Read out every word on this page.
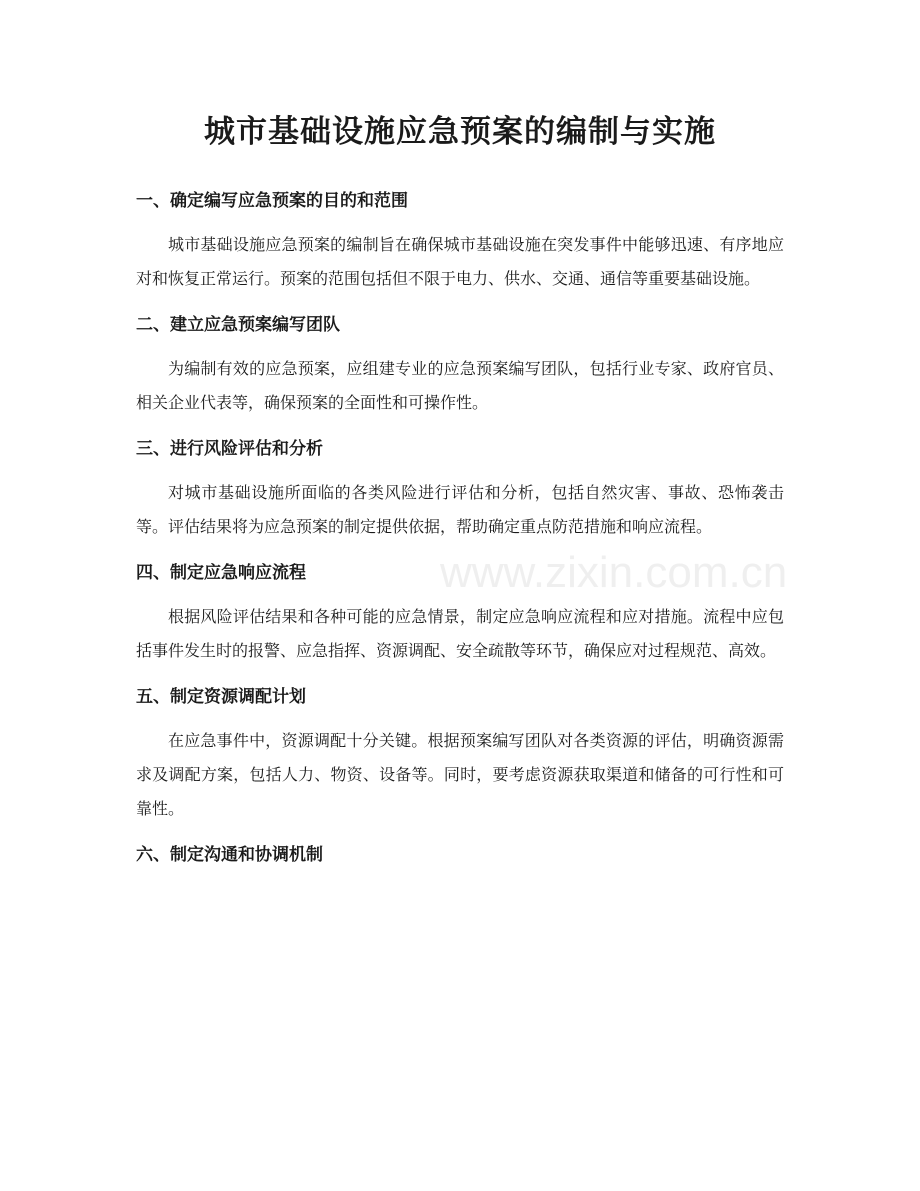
城市基础设施应急预案的编制与实施
www.zixin.com.cn
一、确定编写应急预案的目的和范围

城市基础设施应急预案的编制旨在确保城市基础设施在突发事件中能够迅速、有序地应对和恢复正常运行。预案的范围包括但不限于电力、供水、交通、通信等重要基础设施。

二、建立应急预案编写团队

为编制有效的应急预案，应组建专业的应急预案编写团队，包括行业专家、政府官员、相关企业代表等，确保预案的全面性和可操作性。

三、进行风险评估和分析

对城市基础设施所面临的各类风险进行评估和分析，包括自然灾害、事故、恐怖袭击等。评估结果将为应急预案的制定提供依据，帮助确定重点防范措施和响应流程。

四、制定应急响应流程

根据风险评估结果和各种可能的应急情景，制定应急响应流程和应对措施。流程中应包括事件发生时的报警、应急指挥、资源调配、安全疏散等环节，确保应对过程规范、高效。

五、制定资源调配计划

在应急事件中，资源调配十分关键。根据预案编写团队对各类资源的评估，明确资源需求及调配方案，包括人力、物资、设备等。同时，要考虑资源获取渠道和储备的可行性和可靠性。

六、制定沟通和协调机制
